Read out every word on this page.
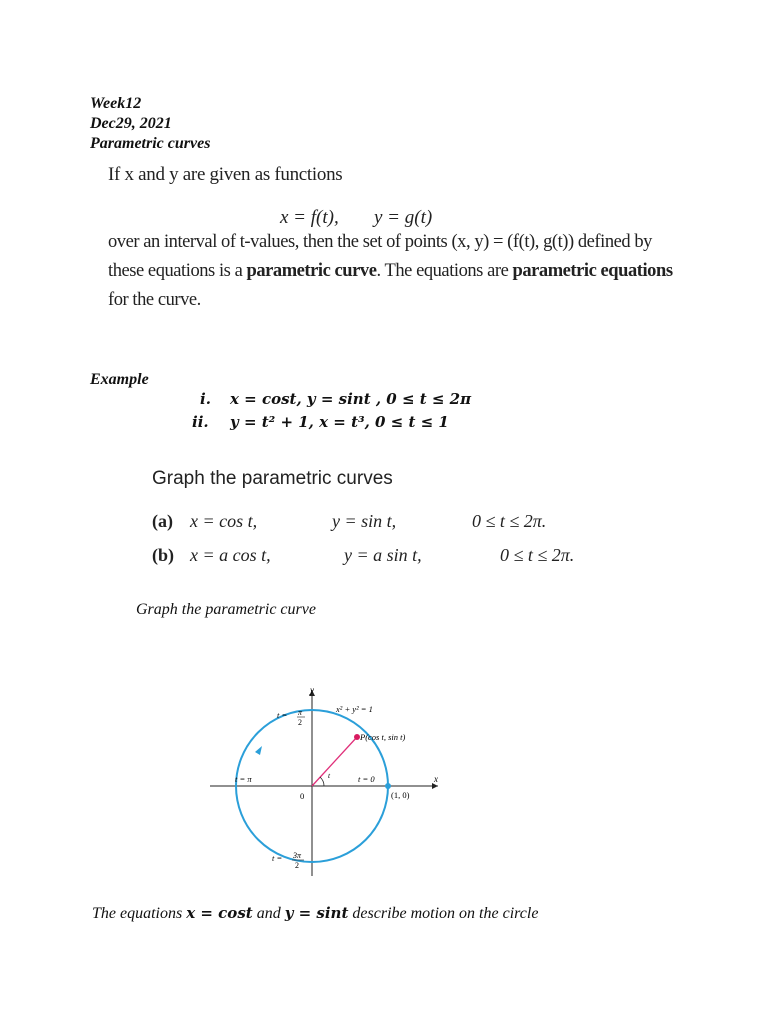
Week12
Dec29, 2021
Parametric curves
If x and y are given as functions
x = f(t), y = g(t)
over an interval of t-values, then the set of points (x, y) = (f(t), g(t)) defined by
these equations is a parametric curve. The equations are parametric equations
for the curve.
Example
i. x = cost, y = sint , 0 ≤ t ≤ 2π
ii. y = t² + 1, x = t³, 0 ≤ t ≤ 1
Graph the parametric curves
(a) x = cos t,	y = sin t,	0 ≤ t ≤ 2π.
(b) x = a cos t,	y = a sin t,	0 ≤ t ≤ 2π.
Graph the parametric curve
y
x
x² + y² = 1
P(cos t, sin t)
t = π
2
t = π	t = 0
0	(1, 0)
t
t = 3π
2
The equations x = cost and y = sint describe motion on the circle
